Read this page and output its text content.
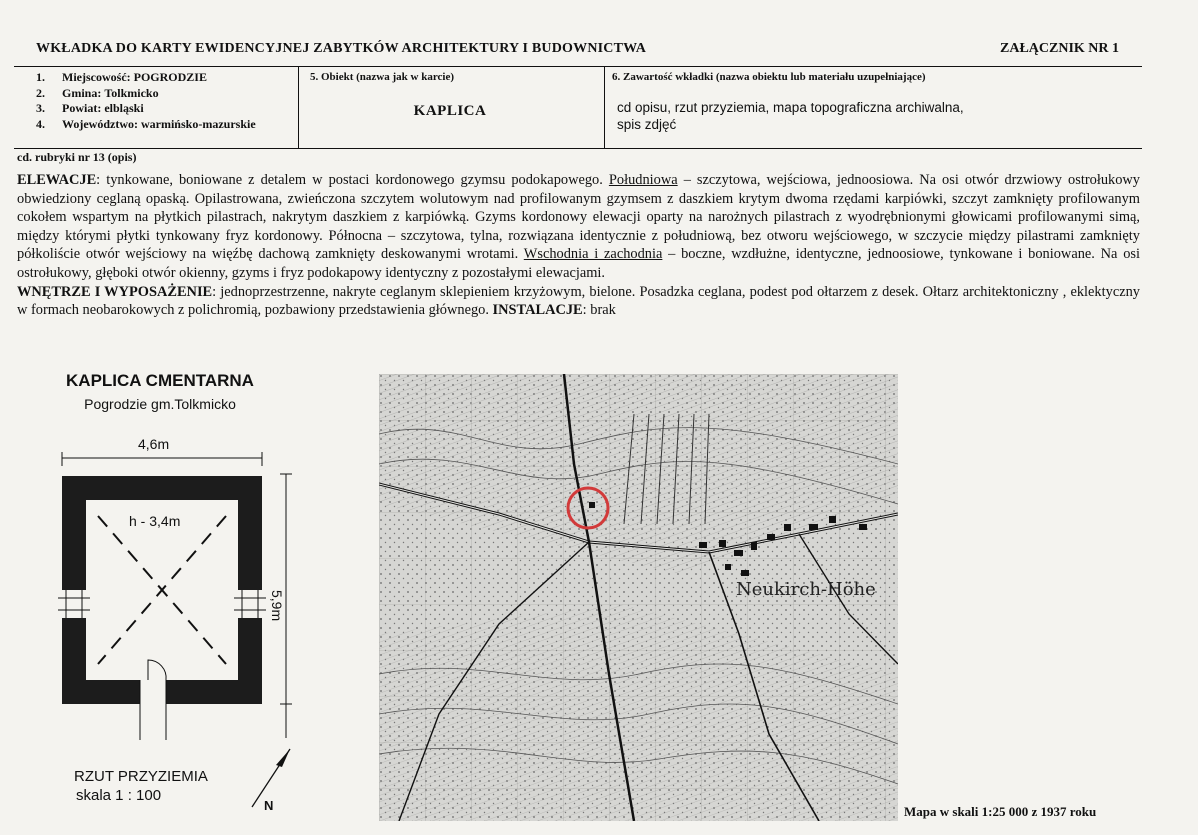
WKŁADKA DO KARTY EWIDENCYJNEJ ZABYTKÓW ARCHITEKTURY I BUDOWNICTWA	ZAŁĄCZNIK NR 1
1.	Miejscowość:
POGRODZIE
2.	Gmina:
Tolkmicko
3.	Powiat:
elbląski
4.	Województwo:
warmińsko-mazurskie
5. Obiekt (nazwa jak w karcie)
KAPLICA
6. Zawartość wkładki (nazwa obiektu lub materiału uzupełniające)
cd opisu, rzut przyziemia, mapa topograficzna archiwalna,
spis zdjęć
cd. rubryki nr 13 (opis)
ELEWACJE: tynkowane, boniowane z detalem w postaci kordonowego gzymsu podokapowego. Południowa – szczytowa, wejściowa, jednoosiowa. Na osi otwór drzwiowy ostrołukowy obwiedziony ceglaną opaską. Opilastrowana, zwieńczona szczytem wolutowym nad profilowanym gzymsem z daszkiem krytym dwoma rzędami karpiówki, szczyt zamknięty profilowanym cokołem wspartym na płytkich pilastrach, nakrytym daszkiem z karpiówką. Gzyms kordonowy elewacji oparty na narożnych pilastrach z wyodrębnionymi głowicami profilowanymi simą, między którymi płytki tynkowany fryz kordonowy. Północna – szczytowa, tylna, rozwiązana identycznie z południową, bez otworu wejściowego, w szczycie między pilastrami zamknięty półkoliście otwór wejściowy na więźbę dachową zamknięty deskowanymi wrotami. Wschodnia i zachodnia – boczne, wzdłużne, identyczne, jednoosiowe, tynkowane i boniowane. Na osi ostrołukowy, głęboki otwór okienny, gzyms i fryz podokapowy identyczny z pozostałymi elewacjami.
WNĘTRZE I WYPOSAŻENIE: jednoprzestrzenne, nakryte ceglanym sklepieniem krzyżowym, bielone. Posadzka ceglana, podest pod ołtarzem z desek. Ołtarz architektoniczny , eklektyczny w formach neobarokowych z polichromią, pozbawiony przedstawienia głównego. INSTALACJE: brak
KAPLICA CMENTARNA
Pogrodzie gm.Tolkmicko
4,6m
5,9m
h - 3,4m
RZUT PRZYZIEMIA
skala 1 : 100
N
Neukirch-Höhe
Mapa w skali 1:25 000 z 1937 roku
